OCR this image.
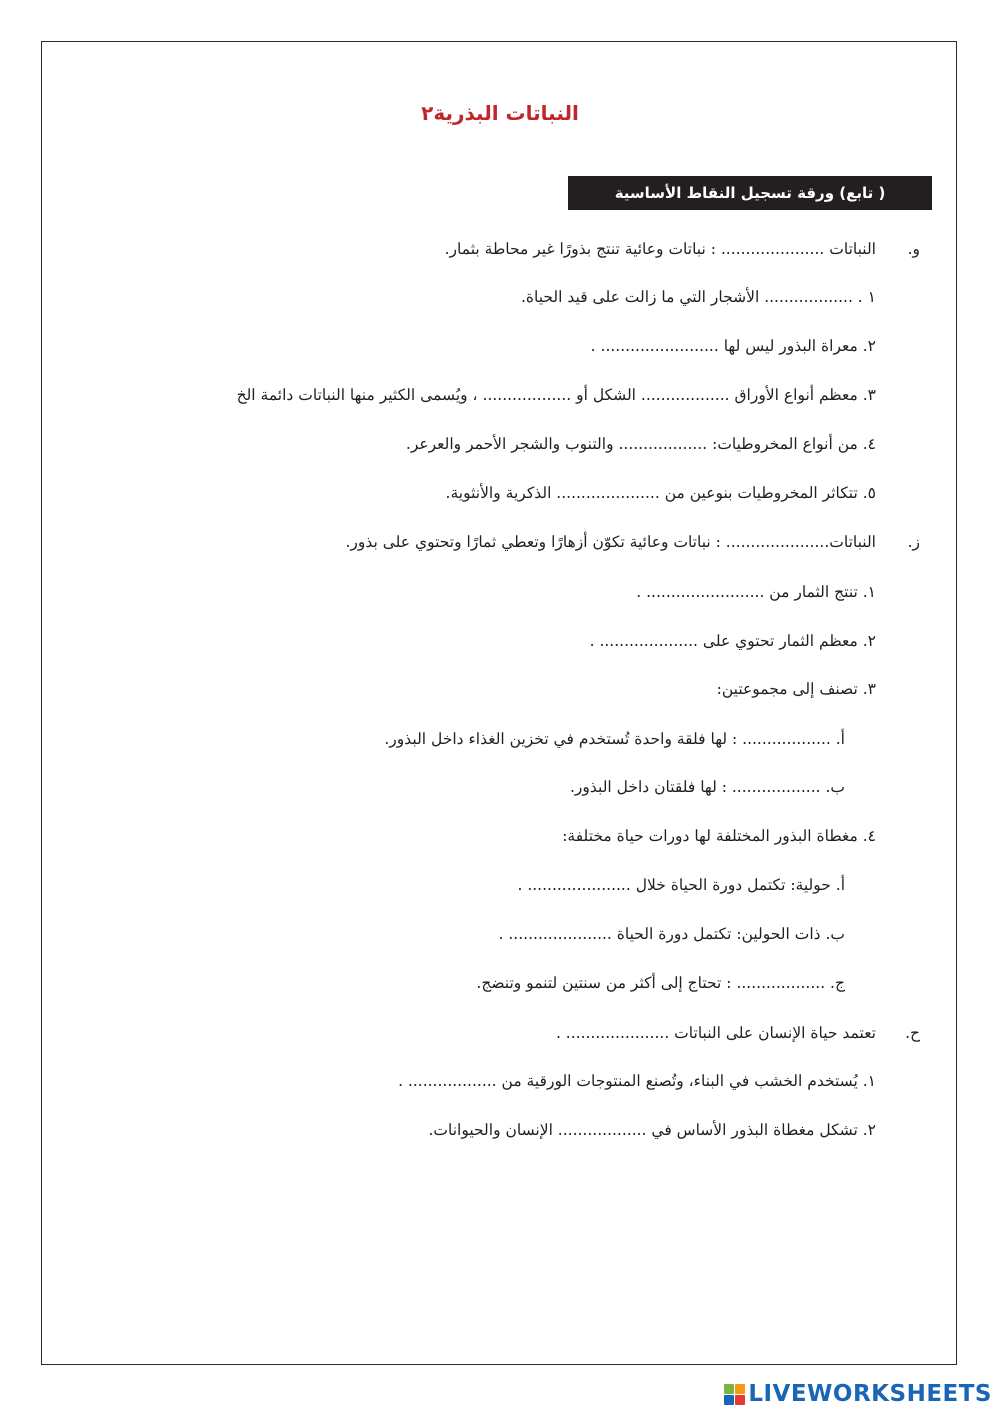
النباتات البذرية٢
( تابع) ورقة تسجيل النقاط الأساسية
و.
النباتات ..................... : نباتات وعائية تنتج بذورًا غير محاطة بثمار.
١ . .................. الأشجار التي ما زالت على قيد الحياة.
٢. معراة البذور ليس لها ........................ .
٣. معظم أنواع الأوراق .................. الشكل أو .................. ، ويُسمى الكثير منها النباتات دائمة الخ
٤. من أنواع المخروطيات: .................. والتنوب والشجر الأحمر والعرعر.
٥. تتكاثر المخروطيات بنوعين من ..................... الذكرية والأنثوية.
ز.
النباتات..................... : نباتات وعائية تكوّن أزهارًا وتعطي ثمارًا وتحتوي على بذور.
١. تنتج الثمار من ........................ .
٢. معظم الثمار تحتوي على .................... .
٣. تصنف إلى مجموعتين:
أ. .................. : لها فلقة واحدة تُستخدم في تخزين الغذاء داخل البذور.
ب. .................. : لها فلقتان داخل البذور.
٤. مغطاة البذور المختلفة لها دورات حياة مختلفة:
أ. حولية: تكتمل دورة الحياة خلال ..................... .
ب. ذات الحولين: تكتمل دورة الحياة ..................... .
ج. .................. : تحتاج إلى أكثر من سنتين لتنمو وتنضج.
ح.
تعتمد حياة الإنسان على النباتات ..................... .
١. يُستخدم الخشب في البناء، وتُصنع المنتوجات الورقية من .................. .
٢. تشكل مغطاة البذور الأساس في .................. الإنسان والحيوانات.
LIVEWORKSHEETS
